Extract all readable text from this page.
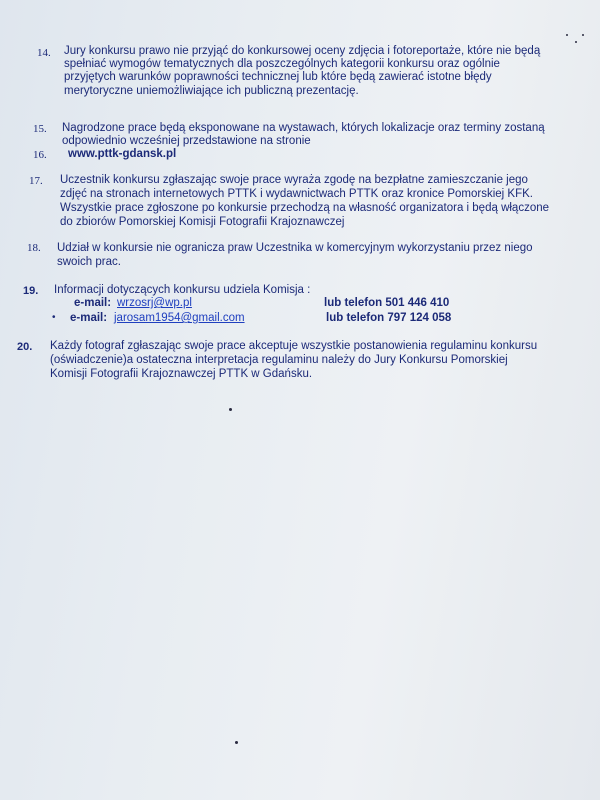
14. Jury konkursu prawo nie przyjąć do konkursowej oceny zdjęcia i fotoreportaże, które nie będą
spełniać wymogów tematycznych dla poszczególnych kategorii konkursu oraz ogólnie
przyjętych warunków poprawności technicznej lub które będą zawierać istotne błędy
merytoryczne uniemożliwiające ich publiczną prezentację.
15. Nagrodzone prace będą eksponowane na wystawach, których lokalizacje oraz terminy zostaną
odpowiednio wcześniej przedstawione na stronie
16. www.pttk-gdansk.pl
17. Uczestnik konkursu zgłaszając swoje prace wyraża zgodę na bezpłatne zamieszczanie jego
zdjęć na stronach internetowych PTTK i wydawnictwach PTTK oraz kronice Pomorskiej KFK.
Wszystkie prace zgłoszone po konkursie przechodzą na własność organizatora i będą włączone
do zbiorów Pomorskiej Komisji Fotografii Krajoznawczej
18. Udział w konkursie nie ogranicza praw Uczestnika w komercyjnym wykorzystaniu przez niego
swoich prac.
19. Informacji dotyczących konkursu udziela Komisja :
e-mail: wrzosrj@wp.pl	lub telefon 501 446 410
• e-mail: jarosam1954@gmail.com	lub telefon 797 124 058
20. Każdy fotograf zgłaszając swoje prace akceptuje wszystkie postanowienia regulaminu konkursu
(oświadczenie)a ostateczna interpretacja regulaminu należy do Jury Konkursu Pomorskiej
Komisji Fotografii Krajoznawczej PTTK w Gdańsku.
